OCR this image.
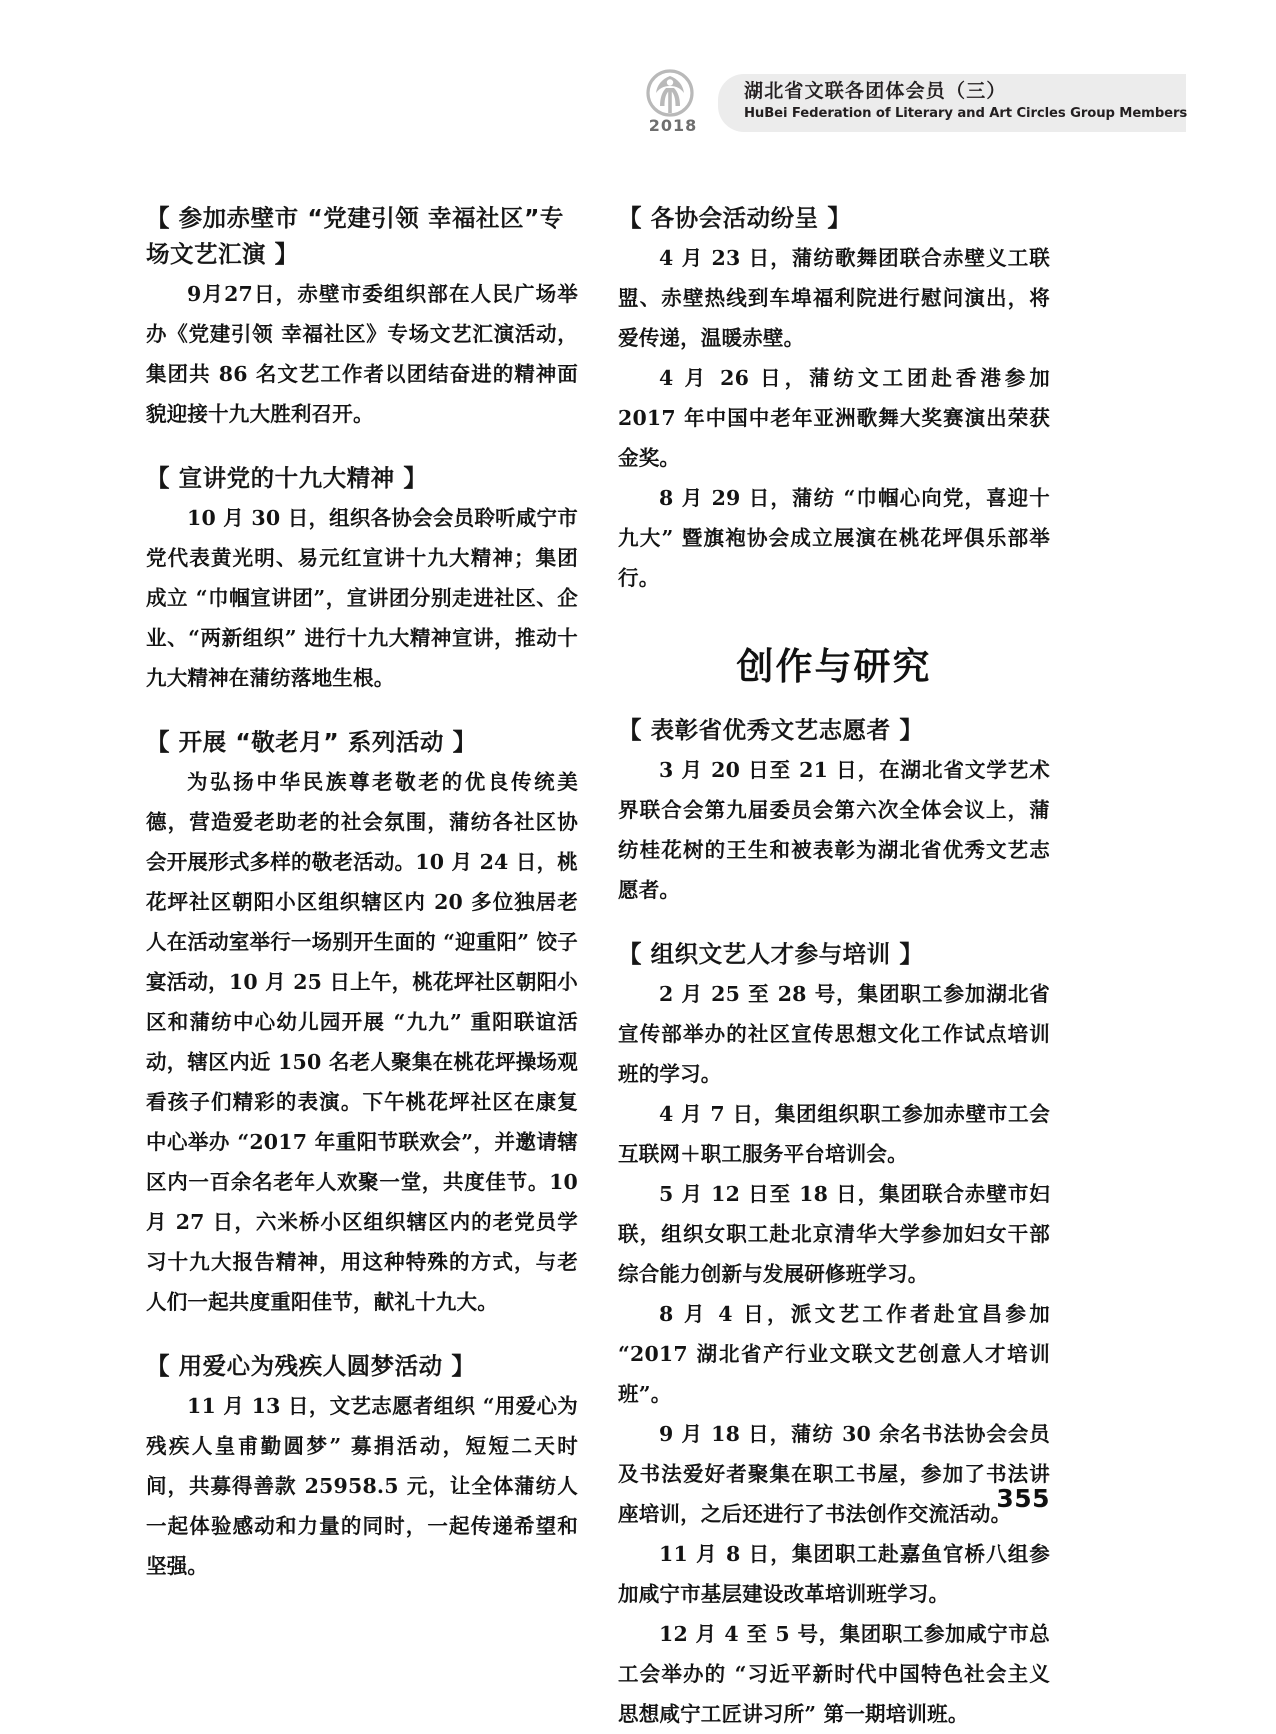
2018
湖北省文联各团体会员（三）
HuBei Federation of Literary and Art Circles Group Members
【 参加赤壁市 “党建引领 幸福社区”专场文艺汇演 】

9月27日，赤壁市委组织部在人民广场举办《党建引领 幸福社区》专场文艺汇演活动，集团共 86 名文艺工作者以团结奋进的精神面貌迎接十九大胜利召开。

【 宣讲党的十九大精神 】

10 月 30 日，组织各协会会员聆听咸宁市党代表黄光明、易元红宣讲十九大精神；集团成立 “巾帼宣讲团”，宣讲团分别走进社区、企业、“两新组织” 进行十九大精神宣讲，推动十九大精神在蒲纺落地生根。

【 开展 “敬老月” 系列活动 】

为弘扬中华民族尊老敬老的优良传统美德，营造爱老助老的社会氛围，蒲纺各社区协会开展形式多样的敬老活动。10 月 24 日，桃花坪社区朝阳小区组织辖区内 20 多位独居老人在活动室举行一场别开生面的 “迎重阳” 饺子宴活动，10 月 25 日上午，桃花坪社区朝阳小区和蒲纺中心幼儿园开展 “九九” 重阳联谊活动，辖区内近 150 名老人聚集在桃花坪操场观看孩子们精彩的表演。下午桃花坪社区在康复中心举办 “2017 年重阳节联欢会”，并邀请辖区内一百余名老年人欢聚一堂，共度佳节。10 月 27 日，六米桥小区组织辖区内的老党员学习十九大报告精神，用这种特殊的方式，与老人们一起共度重阳佳节，献礼十九大。

【 用爱心为残疾人圆梦活动 】

11 月 13 日，文艺志愿者组织 “用爱心为残疾人皇甫勤圆梦” 募捐活动，短短二天时间，共募得善款 25958.5 元，让全体蒲纺人一起体验感动和力量的同时，一起传递希望和坚强。

【 各协会活动纷呈 】

4 月 23 日，蒲纺歌舞团联合赤壁义工联盟、赤壁热线到车埠福利院进行慰问演出，将爱传递，温暖赤壁。

4 月 26 日，蒲纺文工团赴香港参加 2017 年中国中老年亚洲歌舞大奖赛演出荣获金奖。

8 月 29 日，蒲纺 “巾帼心向党，喜迎十九大” 暨旗袍协会成立展演在桃花坪俱乐部举行。

创作与研究
【 表彰省优秀文艺志愿者 】

3 月 20 日至 21 日，在湖北省文学艺术界联合会第九届委员会第六次全体会议上，蒲纺桂花树的王生和被表彰为湖北省优秀文艺志愿者。

【 组织文艺人才参与培训 】

2 月 25 至 28 号，集团职工参加湖北省宣传部举办的社区宣传思想文化工作试点培训班的学习。

4 月 7 日，集团组织职工参加赤壁市工会互联网＋职工服务平台培训会。

5 月 12 日至 18 日，集团联合赤壁市妇联，组织女职工赴北京清华大学参加妇女干部综合能力创新与发展研修班学习。

8 月 4 日，派文艺工作者赴宜昌参加 “2017 湖北省产行业文联文艺创意人才培训班”。

9 月 18 日，蒲纺 30 余名书法协会会员及书法爱好者聚集在职工书屋，参加了书法讲座培训，之后还进行了书法创作交流活动。

11 月 8 日，集团职工赴嘉鱼官桥八组参加咸宁市基层建设改革培训班学习。

12 月 4 至 5 号，集团职工参加咸宁市总工会举办的 “习近平新时代中国特色社会主义思想咸宁工匠讲习所” 第一期培训班。

355
